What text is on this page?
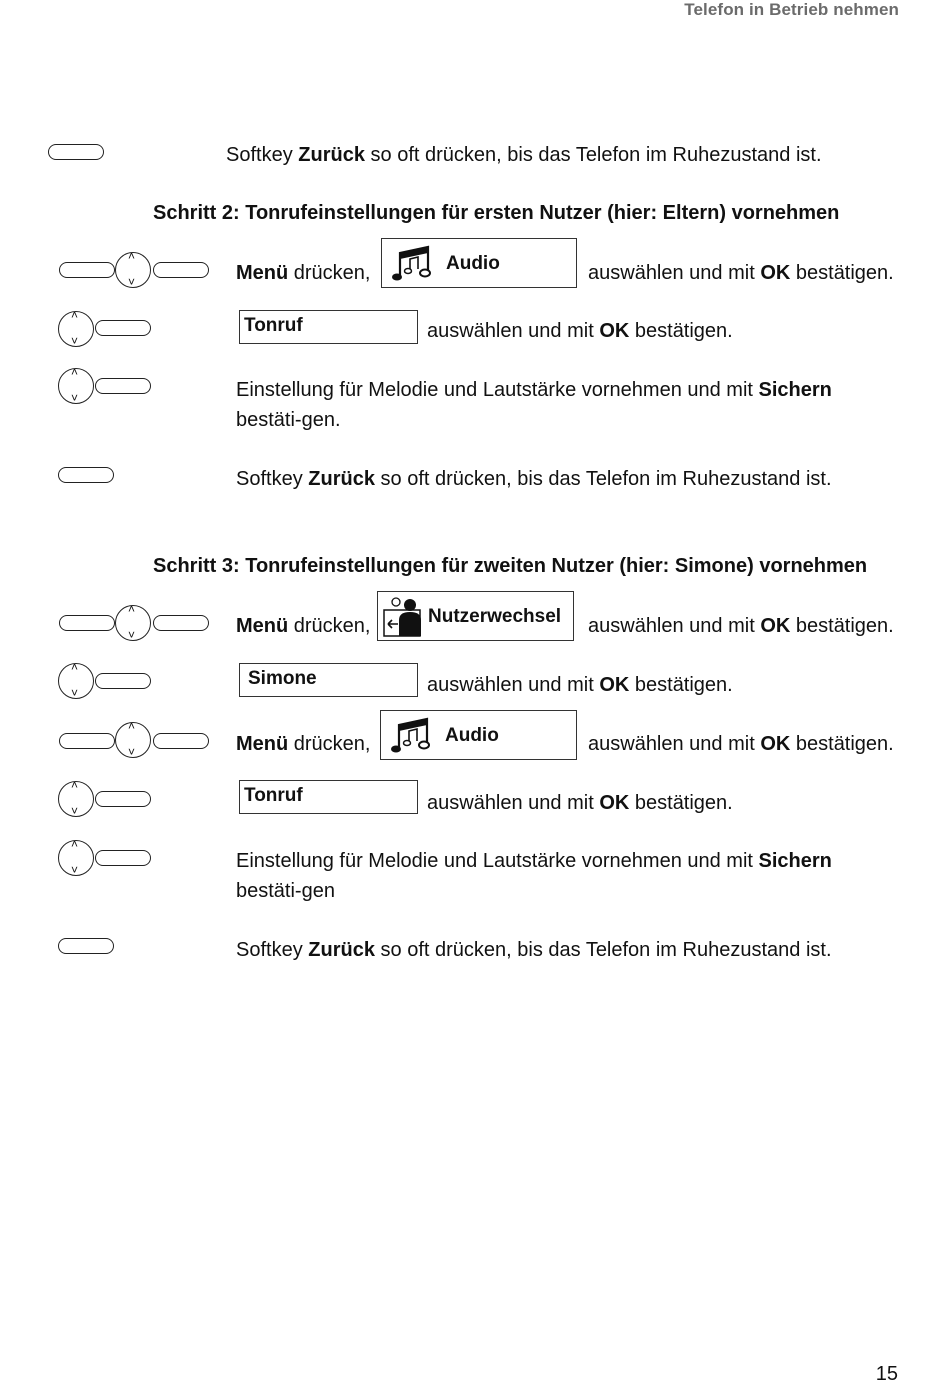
Telefon in Betrieb nehmen
Softkey Zurück so oft drücken, bis das Telefon im Ruhezustand ist.
Schritt 2: Tonrufeinstellungen für ersten Nutzer (hier: Eltern) vornehmen
˄ ˅
Menü drücken,	Audio	auswählen und mit OK bestätigen.
˄ ˅
Tonruf	auswählen und mit OK bestätigen.
˄ ˅
Einstellung für Melodie und Lautstärke vornehmen und mit Sichern bestäti-gen.
Softkey Zurück so oft drücken, bis das Telefon im Ruhezustand ist.
Schritt 3: Tonrufeinstellungen für zweiten Nutzer (hier: Simone) vornehmen
˄ ˅
Menü drücken,	Nutzerwechsel auswählen und mit OK bestätigen.
˄ ˅
Simone	auswählen und mit OK bestätigen.
˄ ˅
Menü drücken,	Audio	auswählen und mit OK bestätigen.
˄ ˅
Tonruf	auswählen und mit OK bestätigen.
˄ ˅
Einstellung für Melodie und Lautstärke vornehmen und mit Sichern bestäti-gen
Softkey Zurück so oft drücken, bis das Telefon im Ruhezustand ist.
15
